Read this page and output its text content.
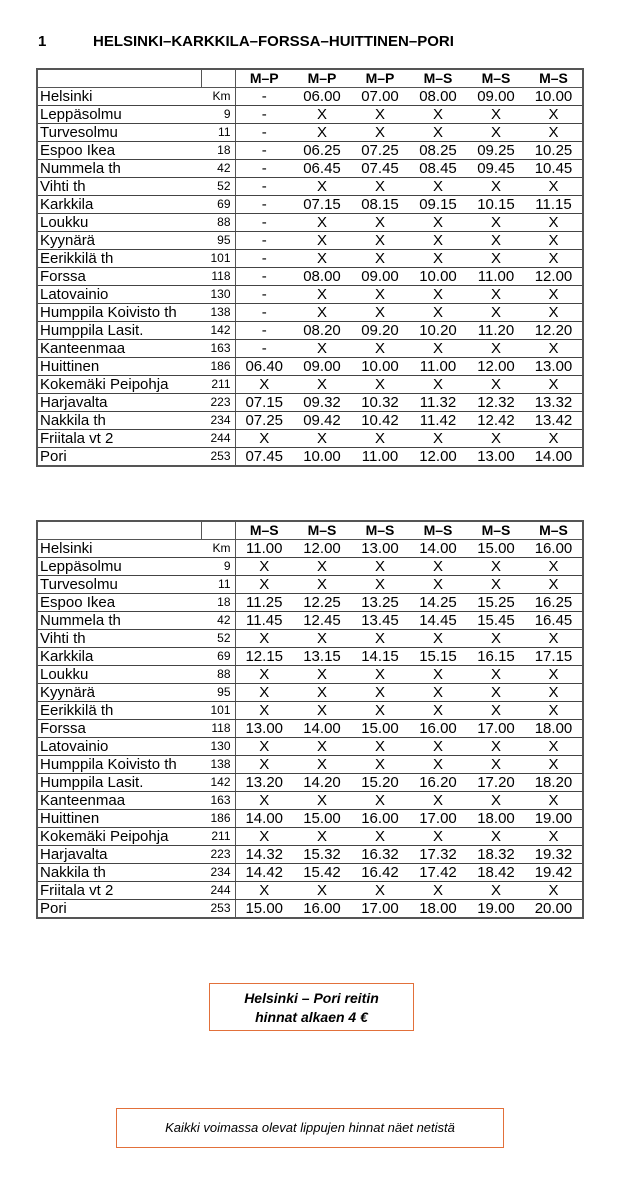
1	HELSINKI–KARKKILA–FORSSA–HUITTINEN–PORI
		M–P	M–P	M–P	M–S	M–S	M–S
Helsinki	Km	-	06.00	07.00	08.00	09.00	10.00
Leppäsolmu	9	-	X	X	X	X	X
Turvesolmu	11	-	X	X	X	X	X
Espoo Ikea	18	-	06.25	07.25	08.25	09.25	10.25
Nummela th	42	-	06.45	07.45	08.45	09.45	10.45
Vihti th	52	-	X	X	X	X	X
Karkkila	69	-	07.15	08.15	09.15	10.15	11.15
Loukku	88	-	X	X	X	X	X
Kyynärä	95	-	X	X	X	X	X
Eerikkilä th	101	-	X	X	X	X	X
Forssa	118	-	08.00	09.00	10.00	11.00	12.00
Latovainio	130	-	X	X	X	X	X
Humppila Koivisto th	138	-	X	X	X	X	X
Humppila Lasit.	142	-	08.20	09.20	10.20	11.20	12.20
Kanteenmaa	163	-	X	X	X	X	X
Huittinen	186	06.40	09.00	10.00	11.00	12.00	13.00
Kokemäki Peipohja	211	X	X	X	X	X	X
Harjavalta	223	07.15	09.32	10.32	11.32	12.32	13.32
Nakkila th	234	07.25	09.42	10.42	11.42	12.42	13.42
Friitala vt 2	244	X	X	X	X	X	X
Pori	253	07.45	10.00	11.00	12.00	13.00	14.00
		M–S	M–S	M–S	M–S	M–S	M–S
Helsinki	Km	11.00	12.00	13.00	14.00	15.00	16.00
Leppäsolmu	9	X	X	X	X	X	X
Turvesolmu	11	X	X	X	X	X	X
Espoo Ikea	18	11.25	12.25	13.25	14.25	15.25	16.25
Nummela th	42	11.45	12.45	13.45	14.45	15.45	16.45
Vihti th	52	X	X	X	X	X	X
Karkkila	69	12.15	13.15	14.15	15.15	16.15	17.15
Loukku	88	X	X	X	X	X	X
Kyynärä	95	X	X	X	X	X	X
Eerikkilä th	101	X	X	X	X	X	X
Forssa	118	13.00	14.00	15.00	16.00	17.00	18.00
Latovainio	130	X	X	X	X	X	X
Humppila Koivisto th	138	X	X	X	X	X	X
Humppila Lasit.	142	13.20	14.20	15.20	16.20	17.20	18.20
Kanteenmaa	163	X	X	X	X	X	X
Huittinen	186	14.00	15.00	16.00	17.00	18.00	19.00
Kokemäki Peipohja	211	X	X	X	X	X	X
Harjavalta	223	14.32	15.32	16.32	17.32	18.32	19.32
Nakkila th	234	14.42	15.42	16.42	17.42	18.42	19.42
Friitala vt 2	244	X	X	X	X	X	X
Pori	253	15.00	16.00	17.00	18.00	19.00	20.00
Helsinki – Pori reitin
hinnat alkaen 4 €
Kaikki voimassa olevat lippujen hinnat näet netistä
